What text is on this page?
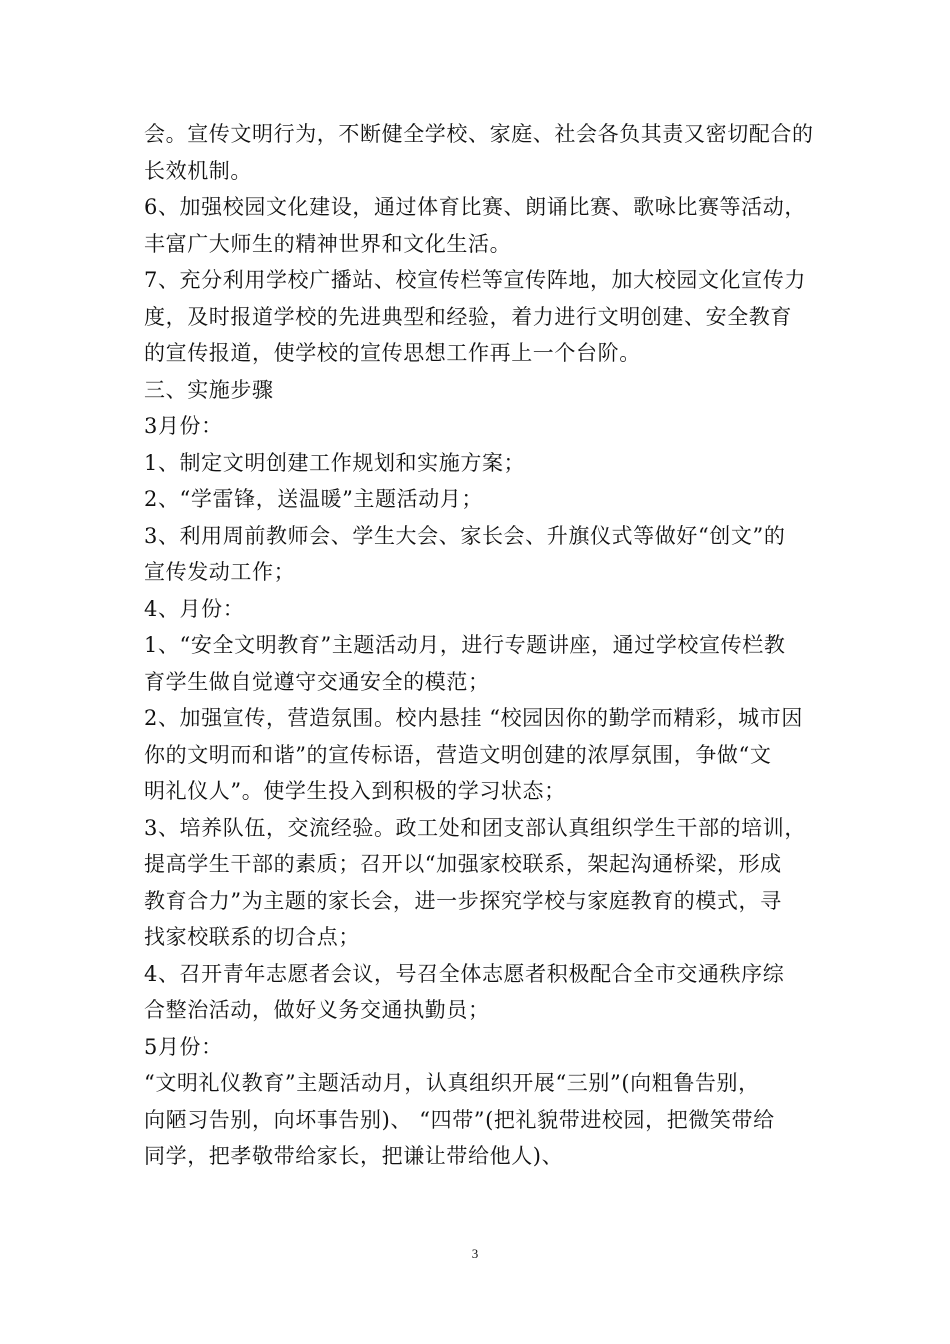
会。宣传文明行为，不断健全学校、家庭、社会各负其责又密切配合的
长效机制。
6、加强校园文化建设，通过体育比赛、朗诵比赛、歌咏比赛等活动，
丰富广大师生的精神世界和文化生活。
7、充分利用学校广播站、校宣传栏等宣传阵地，加大校园文化宣传力
度，及时报道学校的先进典型和经验，着力进行文明创建、安全教育
的宣传报道，使学校的宣传思想工作再上一个台阶。
三、实施步骤
3月份：
1、制定文明创建工作规划和实施方案；
2、“学雷锋，送温暖”主题活动月；
3、利用周前教师会、学生大会、家长会、升旗仪式等做好“创文”的
宣传发动工作；
4、月份：
1、“安全文明教育”主题活动月，进行专题讲座，通过学校宣传栏教
育学生做自觉遵守交通安全的模范；
2、加强宣传，营造氛围。校内悬挂 “校园因你的勤学而精彩，城市因
你的文明而和谐”的宣传标语，营造文明创建的浓厚氛围，争做“文
明礼仪人”。使学生投入到积极的学习状态；
3、培养队伍，交流经验。政工处和团支部认真组织学生干部的培训，
提高学生干部的素质；召开以“加强家校联系，架起沟通桥梁，形成
教育合力”为主题的家长会，进一步探究学校与家庭教育的模式，寻
找家校联系的切合点；
4、召开青年志愿者会议，号召全体志愿者积极配合全市交通秩序综
合整治活动，做好义务交通执勤员；
5月份：
“文明礼仪教育”主题活动月，认真组织开展“三别”(向粗鲁告别，
向陋习告别，向坏事告别)、 “四带”(把礼貌带进校园，把微笑带给
同学，把孝敬带给家长，把谦让带给他人)、
3
